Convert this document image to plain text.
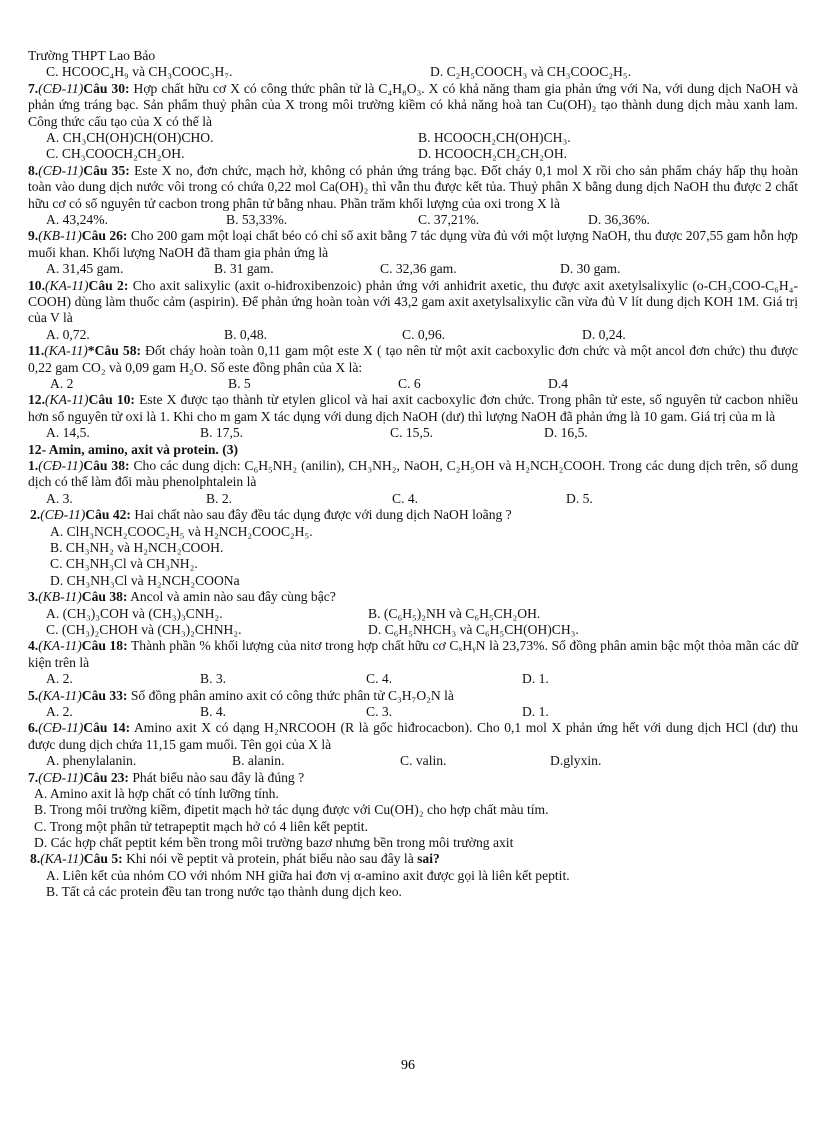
Trường THPT Lao Bảo
C. HCOOC₄H₉ và CH₃COOC₃H₇.	D. C₂H₅COOCH₃ và CH₃COOC₂H₅.
7.(CĐ-11)Câu 30: Hợp chất hữu cơ X có công thức phân tử là C₄H₈O₃. X có khả năng tham gia phản ứng với Na, với dung dịch NaOH và phản ứng tráng bạc. Sản phẩm thuỷ phân của X trong môi trường kiềm có khả năng hoà tan Cu(OH)₂ tạo thành dung dịch màu xanh lam. Công thức cấu tạo của X có thể là
A. CH₃CH(OH)CH(OH)CHO.	B. HCOOCH₂CH(OH)CH₃.
C. CH₃COOCH₂CH₂OH.	D. HCOOCH₂CH₂CH₂OH.
8.(CĐ-11)Câu 35: Este X no, đơn chức, mạch hở, không có phản ứng tráng bạc. Đốt cháy 0,1 mol X rồi cho sản phẩm cháy hấp thụ hoàn toàn vào dung dịch nước vôi trong có chứa 0,22 mol Ca(OH)₂ thì vẫn thu được kết tủa. Thuỷ phân X bằng dung dịch NaOH thu được 2 chất hữu cơ có số nguyên tử cacbon trong phân tử bằng nhau. Phần trăm khối lượng của oxi trong X là
A. 43,24%.	B. 53,33%.	C. 37,21%.	D. 36,36%.
9.(KB-11)Câu 26: Cho 200 gam một loại chất béo có chỉ số axit bằng 7 tác dụng vừa đủ với một lượng NaOH, thu được 207,55 gam hỗn hợp muối khan. Khối lượng NaOH đã tham gia phản ứng là
A. 31,45 gam.	B. 31 gam.	C. 32,36 gam.	D. 30 gam.
10.(KA-11)Câu 2: Cho axit salixylic (axit o-hiđroxibenzoic) phản ứng với anhiđrit axetic, thu được axit axetylsalixylic (o-CH₃COO-C₆H₄-COOH) dùng làm thuốc cảm (aspirin). Để phản ứng hoàn toàn với 43,2 gam axit axetylsalixylic cần vừa đủ V lít dung dịch KOH 1M. Giá trị của V là
A. 0,72.	B. 0,48.	C. 0,96.	D. 0,24.
11.(KA-11)*Câu 58: Đốt cháy hoàn toàn 0,11 gam một este X ( tạo nên từ một axit cacboxylic đơn chức và một ancol đơn chức) thu được 0,22 gam CO₂ và 0,09 gam H₂O. Số este đồng phân của X là:
A. 2	B. 5	C. 6	D.4
12.(KA-11)Câu 10: Este X được tạo thành từ etylen glicol và hai axit cacboxylic đơn chức. Trong phân tử este, số nguyên tử cacbon nhiều hơn số nguyên tử oxi là 1. Khi cho m gam X tác dụng với dung dịch NaOH (dư) thì lượng NaOH đã phản ứng là 10 gam. Giá trị của m là
A. 14,5.	B. 17,5.	C. 15,5.	D. 16,5.
12- Amin, amino, axit và protein. (3)
1.(CĐ-11)Câu 38: Cho các dung dịch: C₆H₅NH₂ (anilin), CH₃NH₂, NaOH, C₂H₅OH và H₂NCH₂COOH. Trong các dung dịch trên, số dung dịch có thể làm đổi màu phenolphtalein là
A. 3.	B. 2.	C. 4.	D. 5.
2.(CĐ-11)Câu 42: Hai chất nào sau đây đều tác dụng được với dung dịch NaOH loãng ?
A. ClH₃NCH₂COOC₂H₅ và H₂NCH₂COOC₂H₅.
B. CH₃NH₂ và H₂NCH₂COOH.
C. CH₃NH₃Cl và CH₃NH₂.
D. CH₃NH₃Cl và H₂NCH₂COONa
3.(KB-11)Câu 38: Ancol và amin nào sau đây cùng bậc?
A. (CH₃)₃COH và (CH₃)₃CNH₂.	B. (C₆H₅)₂NH và C₆H₅CH₂OH.
C. (CH₃)₂CHOH và (CH₃)₂CHNH₂.	D. C₆H₅NHCH₃ và C₆H₅CH(OH)CH₃.
4.(KA-11)Câu 18: Thành phần % khối lượng của nitơ trong hợp chất hữu cơ CₓHᵧN là 23,73%. Số đồng phân amin bậc một thỏa mãn các dữ kiện trên là
A. 2.	B. 3.	C. 4.	D. 1.
5.(KA-11)Câu 33: Số đồng phân amino axit có công thức phân tử C₃H₇O₂N là
A. 2.	B. 4.	C. 3.	D. 1.
6.(CĐ-11)Câu 14: Amino axit X có dạng H₂NRCOOH (R là gốc hiđrocacbon). Cho 0,1 mol X phản ứng hết với dung dịch HCl (dư) thu được dung dịch chứa 11,15 gam muối. Tên gọi của X là
A. phenylalanin.	B. alanin.	C. valin.	D.glyxin.
7.(CĐ-11)Câu 23: Phát biểu nào sau đây là đúng ?
A. Amino axit là hợp chất có tính lưỡng tính.
B. Trong môi trường kiềm, đipetit mạch hở tác dụng được với Cu(OH)₂ cho hợp chất màu tím.
C. Trong một phân tử tetrapeptit mạch hở có 4 liên kết peptit.
D. Các hợp chất peptit kém bền trong môi trường bazơ nhưng bền trong môi trường axit
8.(KA-11)Câu 5: Khi nói về peptit và protein, phát biểu nào sau đây là sai?
A. Liên kết của nhóm CO với nhóm NH giữa hai đơn vị α-amino axit được gọi là liên kết peptit.
B. Tất cả các protein đều tan trong nước tạo thành dung dịch keo.
96
